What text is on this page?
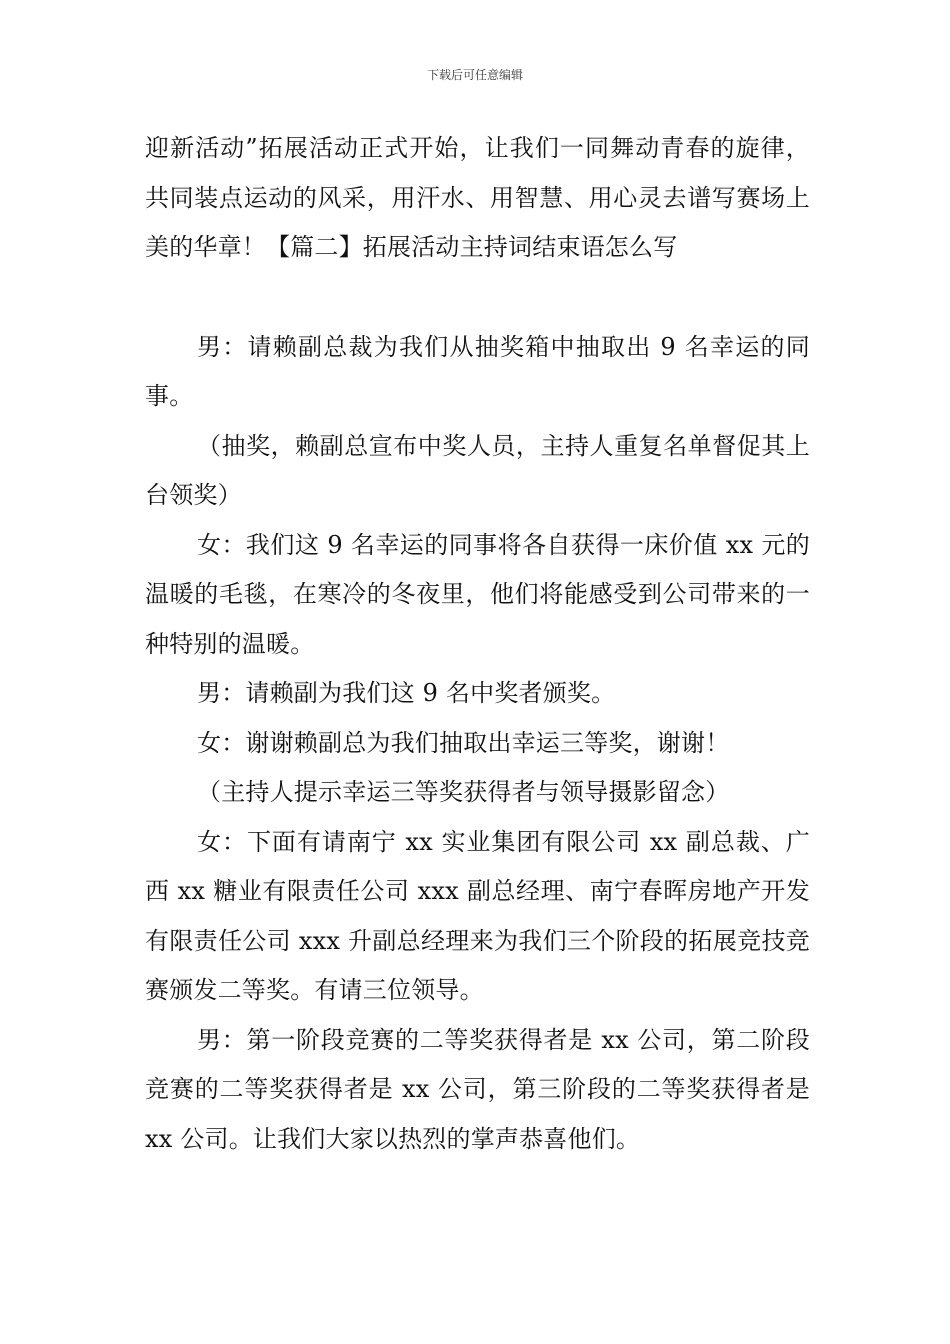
下载后可任意编辑

迎新活动”拓展活动正式开始，让我们一同舞动青春的旋律，共同装点运动的风采，用汗水、用智慧、用心灵去谱写赛场上美的华章！【篇二】拓展活动主持词结束语怎么写

男：请赖副总裁为我们从抽奖箱中抽取出 9 名幸运的同事。

（抽奖，赖副总宣布中奖人员，主持人重复名单督促其上台领奖）

女：我们这 9 名幸运的同事将各自获得一床价值 xx 元的温暖的毛毯，在寒冷的冬夜里，他们将能感受到公司带来的一种特别的温暖。

男：请赖副为我们这 9 名中奖者颁奖。

女：谢谢赖副总为我们抽取出幸运三等奖，谢谢！

（主持人提示幸运三等奖获得者与领导摄影留念）

女：下面有请南宁 xx 实业集团有限公司 xx 副总裁、广西 xx 糖业有限责任公司 xxx 副总经理、南宁春晖房地产开发有限责任公司 xxx 升副总经理来为我们三个阶段的拓展竞技竞赛颁发二等奖。有请三位领导。

男：第一阶段竞赛的二等奖获得者是 xx 公司，第二阶段竞赛的二等奖获得者是 xx 公司，第三阶段的二等奖获得者是 xx 公司。让我们大家以热烈的掌声恭喜他们。
